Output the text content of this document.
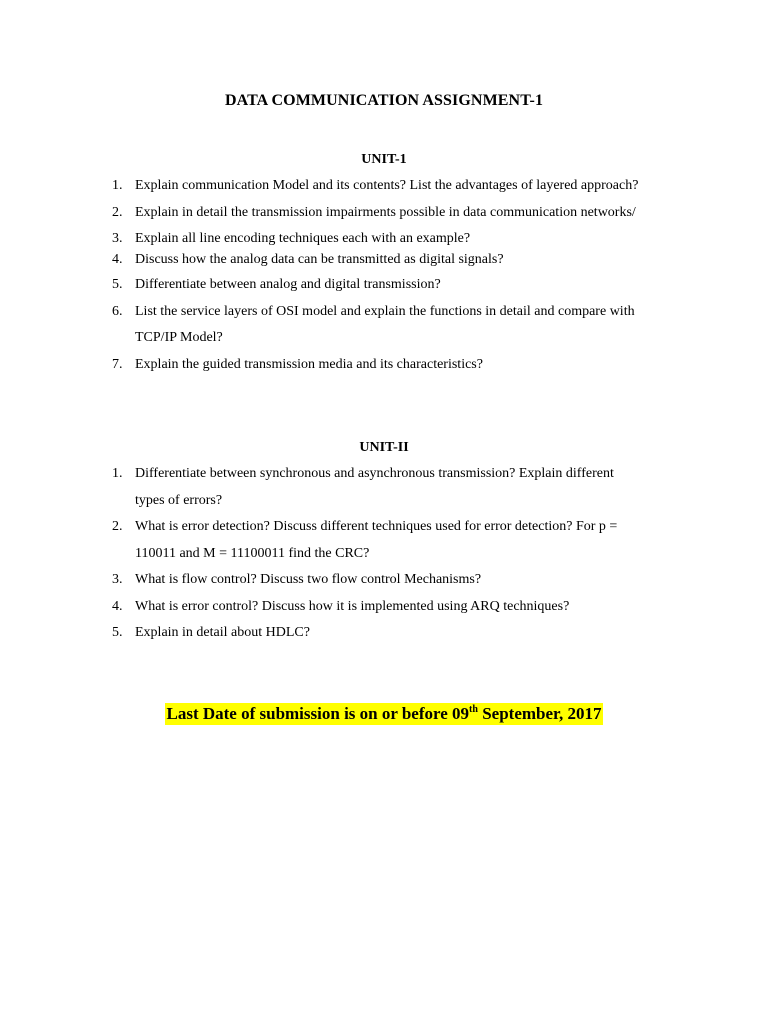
DATA COMMUNICATION ASSIGNMENT-1
UNIT-1
1. Explain communication Model and its contents? List the advantages of layered approach?
2. Explain in detail the transmission impairments possible in data communication networks/
3. Explain all line encoding techniques each with an example?
4. Discuss how the analog data can be transmitted as digital signals?
5. Differentiate between analog and digital transmission?
6. List the service layers of OSI model and explain the functions in detail and compare with
TCP/IP Model?
7. Explain the guided transmission media and its characteristics?
UNIT-II
1. Differentiate between synchronous and asynchronous transmission? Explain different
types of errors?
2. What is error detection? Discuss different techniques used for error detection? For p =
110011 and M = 11100011 find the CRC?
3. What is flow control? Discuss two flow control Mechanisms?
4. What is error control? Discuss how it is implemented using ARQ techniques?
5. Explain in detail about HDLC?
Last Date of submission is on or before 09th September, 2017
